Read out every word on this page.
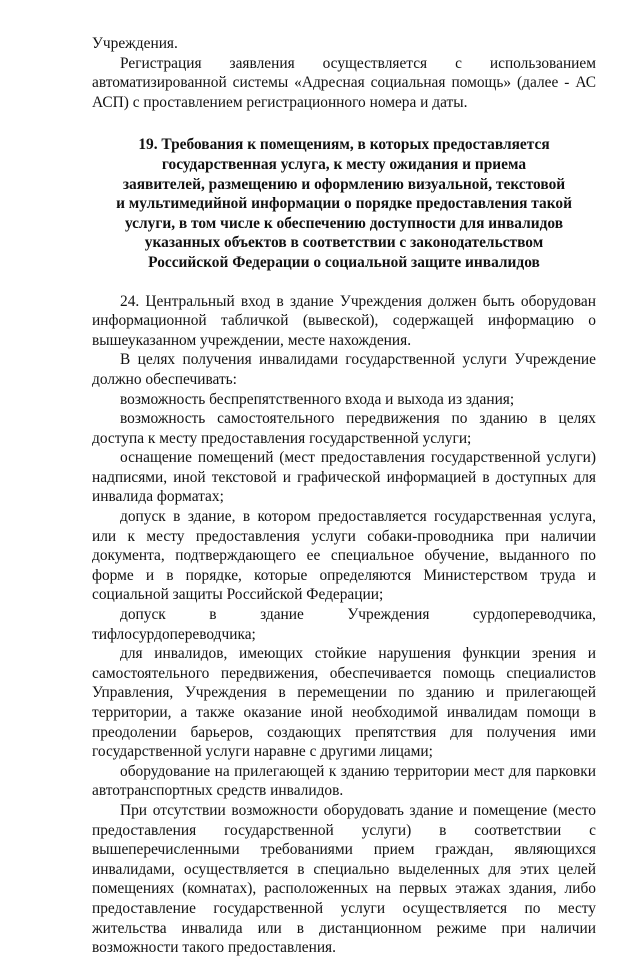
Учреждения.

Регистрация заявления осуществляется с использованием автоматизированной системы «Адресная социальная помощь» (далее - АС АСП) с проставлением регистрационного номера и даты.

19. Требования к помещениям, в которых предоставляется
государственная услуга, к месту ожидания и приема
заявителей, размещению и оформлению визуальной, текстовой
и мультимедийной информации о порядке предоставления такой
услуги, в том числе к обеспечению доступности для инвалидов
указанных объектов в соответствии с законодательством
Российской Федерации о социальной защите инвалидов

24. Центральный вход в здание Учреждения должен быть оборудован информационной табличкой (вывеской), содержащей информацию о вышеуказанном учреждении, месте нахождения.

В целях получения инвалидами государственной услуги Учреждение должно обеспечивать:

возможность беспрепятственного входа и выхода из здания;

возможность самостоятельного передвижения по зданию в целях доступа к месту предоставления государственной услуги;

оснащение помещений (мест предоставления государственной услуги) надписями, иной текстовой и графической информацией в доступных для инвалида форматах;

допуск в здание, в котором предоставляется государственная услуга, или к месту предоставления услуги собаки-проводника при наличии документа, подтверждающего ее специальное обучение, выданного по форме и в порядке, которые определяются Министерством труда и социальной защиты Российской Федерации;

допуск в здание Учреждения сурдопереводчика, тифлосурдопереводчика;

для инвалидов, имеющих стойкие нарушения функции зрения и самостоятельного передвижения, обеспечивается помощь специалистов Управления, Учреждения в перемещении по зданию и прилегающей территории, а также оказание иной необходимой инвалидам помощи в преодолении барьеров, создающих препятствия для получения ими государственной услуги наравне с другими лицами;

оборудование на прилегающей к зданию территории мест для парковки автотранспортных средств инвалидов.

При отсутствии возможности оборудовать здание и помещение (место предоставления государственной услуги) в соответствии с вышеперечисленными требованиями прием граждан, являющихся инвалидами, осуществляется в специально выделенных для этих целей помещениях (комнатах), расположенных на первых этажах здания, либо предоставление государственной услуги осуществляется по месту жительства инвалида или в дистанционном режиме при наличии возможности такого предоставления.
